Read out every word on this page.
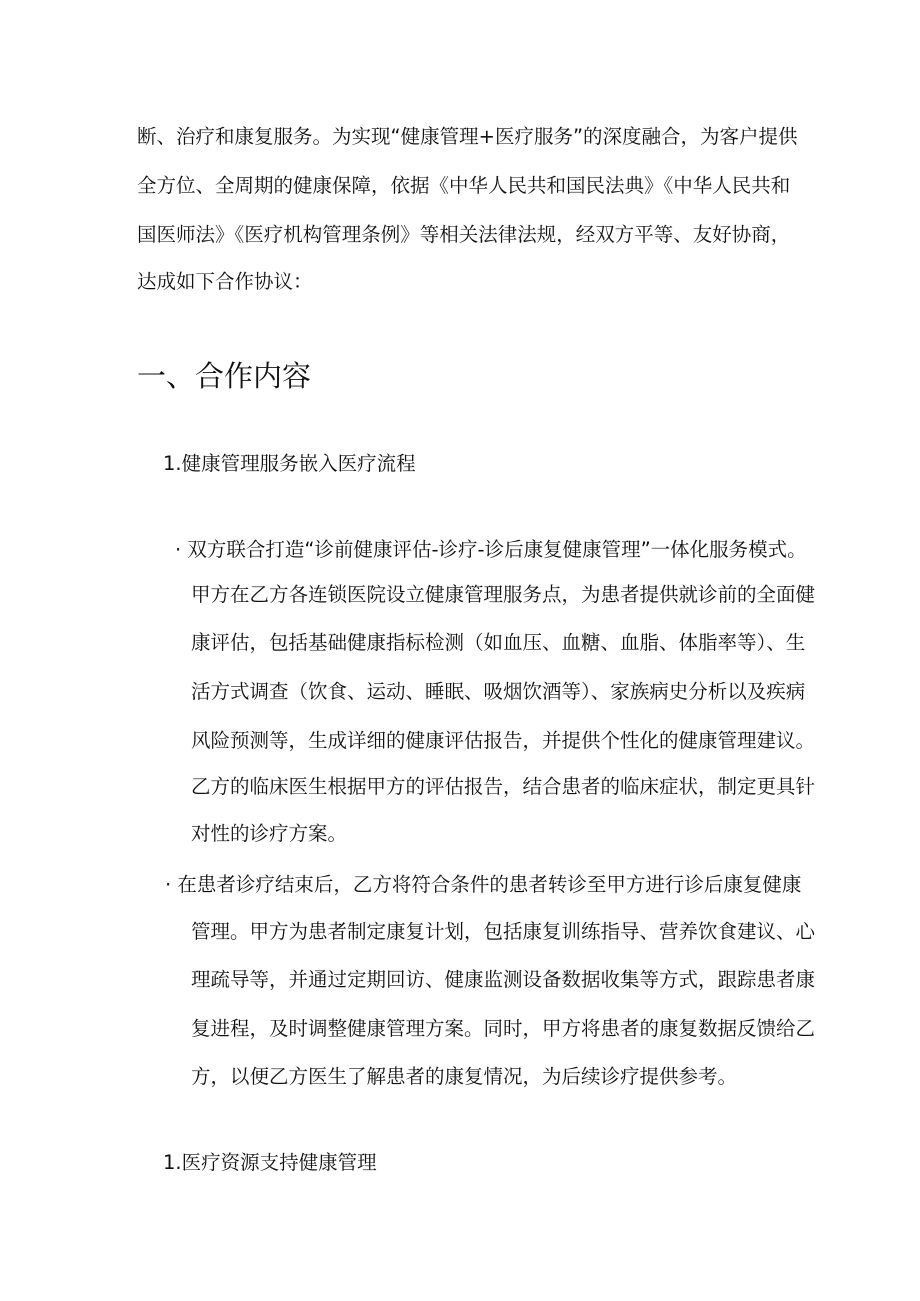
断、治疗和康复服务。为实现“健康管理+医疗服务”的深度融合，为客户提供
全方位、全周期的健康保障，依据《中华人民共和国民法典》《中华人民共和
国医师法》《医疗机构管理条例》等相关法律法规，经双方平等、友好协商，
达成如下合作协议：
一、合作内容
1.健康管理服务嵌入医疗流程
· 双方联合打造“诊前健康评估-诊疗-诊后康复健康管理”一体化服务模式。
甲方在乙方各连锁医院设立健康管理服务点，为患者提供就诊前的全面健
康评估，包括基础健康指标检测（如血压、血糖、血脂、体脂率等）、生
活方式调查（饮食、运动、睡眠、吸烟饮酒等）、家族病史分析以及疾病
风险预测等，生成详细的健康评估报告，并提供个性化的健康管理建议。
乙方的临床医生根据甲方的评估报告，结合患者的临床症状，制定更具针
对性的诊疗方案。
· 在患者诊疗结束后，乙方将符合条件的患者转诊至甲方进行诊后康复健康
管理。甲方为患者制定康复计划，包括康复训练指导、营养饮食建议、心
理疏导等，并通过定期回访、健康监测设备数据收集等方式，跟踪患者康
复进程，及时调整健康管理方案。同时，甲方将患者的康复数据反馈给乙
方，以便乙方医生了解患者的康复情况，为后续诊疗提供参考。
1.医疗资源支持健康管理
